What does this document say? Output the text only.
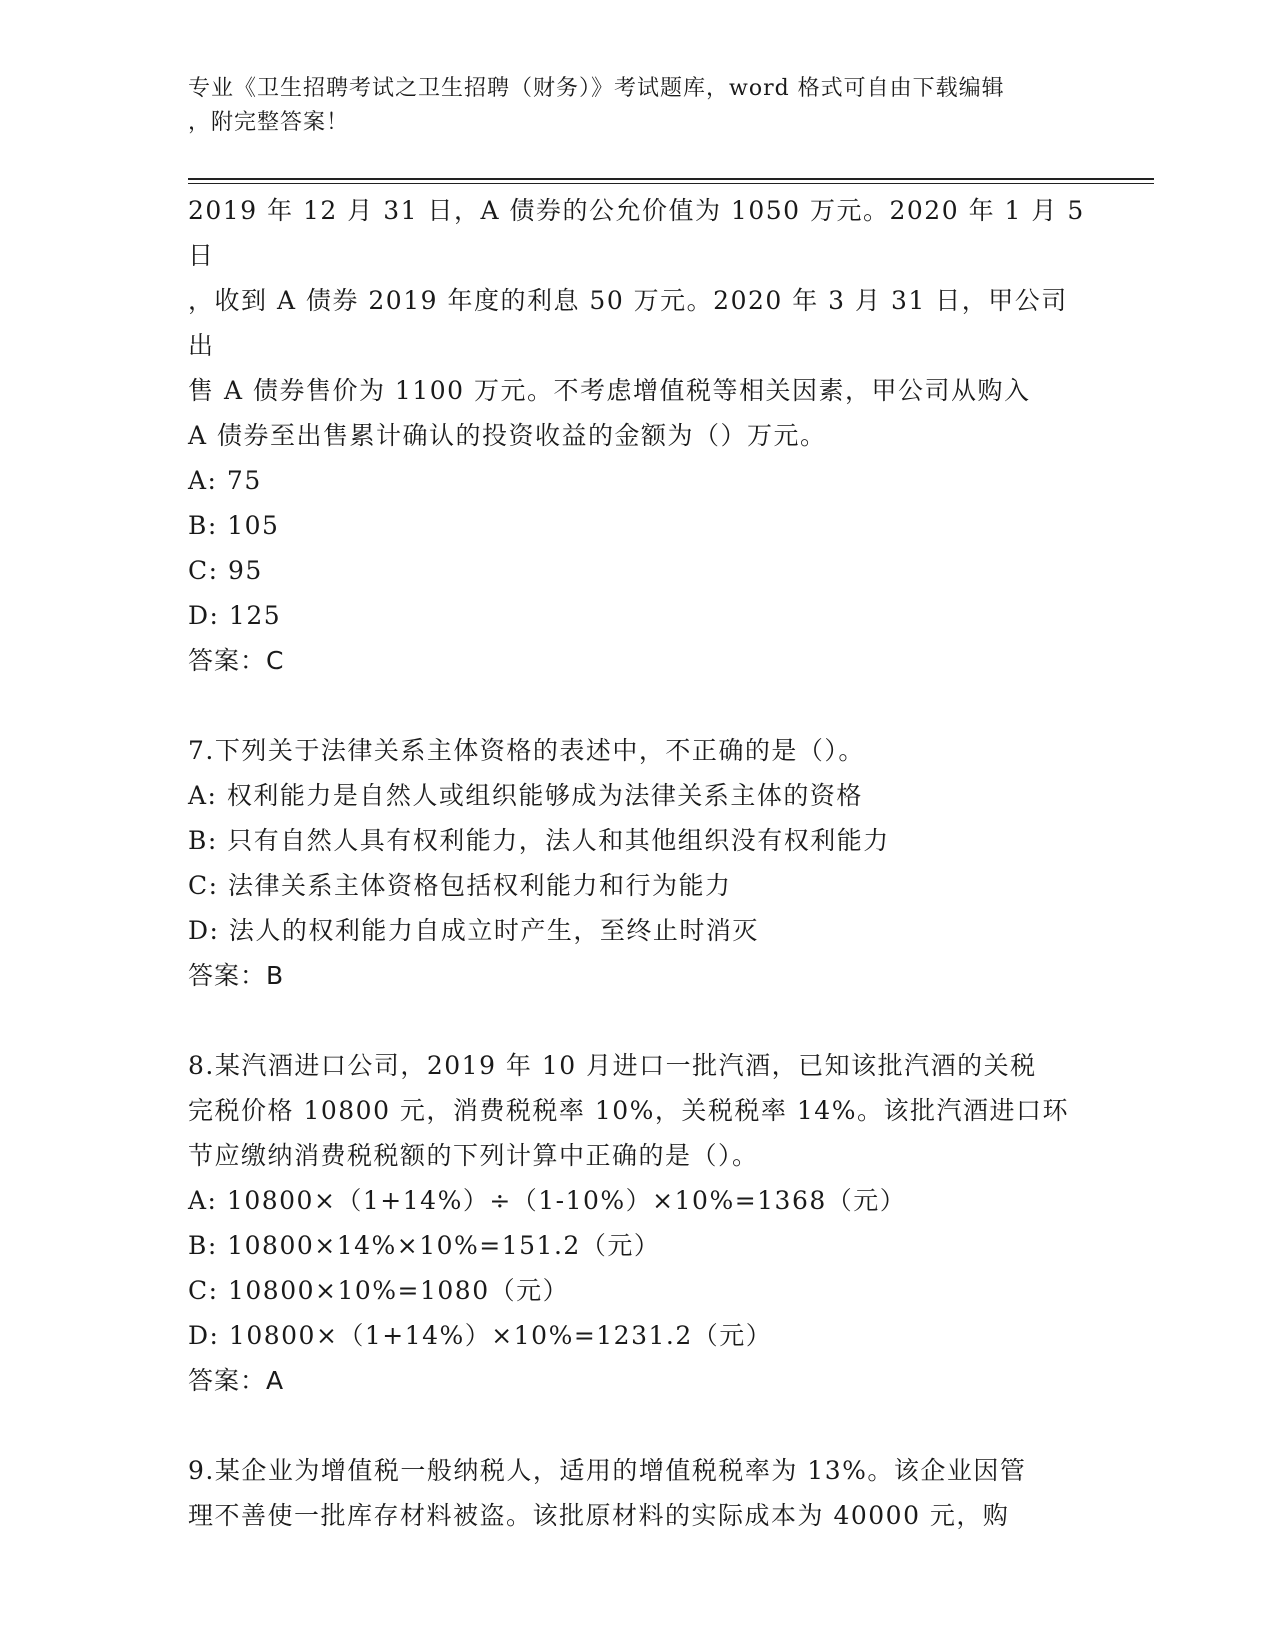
专业《卫生招聘考试之卫生招聘（财务）》考试题库，word 格式可自由下载编辑
，附完整答案！

2019 年 12 月 31 日，A 债券的公允价值为 1050 万元。2020 年 1 月 5 日

，收到 A 债券 2019 年度的利息 50 万元。2020 年 3 月 31 日，甲公司出

售 A 债券售价为 1100 万元。不考虑增值税等相关因素，甲公司从购入

A 债券至出售累计确认的投资收益的金额为（）万元。

A: 75

B: 105

C: 95

D: 125

答案：C

7.下列关于法律关系主体资格的表述中，不正确的是（）。

A: 权利能力是自然人或组织能够成为法律关系主体的资格

B: 只有自然人具有权利能力，法人和其他组织没有权利能力

C: 法律关系主体资格包括权利能力和行为能力

D: 法人的权利能力自成立时产生，至终止时消灭

答案：B

8.某汽酒进口公司，2019 年 10 月进口一批汽酒，已知该批汽酒的关税

完税价格 10800 元，消费税税率 10%，关税税率 14%。该批汽酒进口环

节应缴纳消费税税额的下列计算中正确的是（）。

A: 10800×（1+14%）÷（1-10%）×10%=1368（元）

B: 10800×14%×10%=151.2（元）

C: 10800×10%=1080（元）

D: 10800×（1+14%）×10%=1231.2（元）

答案：A

9.某企业为增值税一般纳税人，适用的增值税税率为 13%。该企业因管

理不善使一批库存材料被盗。该批原材料的实际成本为 40000 元，购
